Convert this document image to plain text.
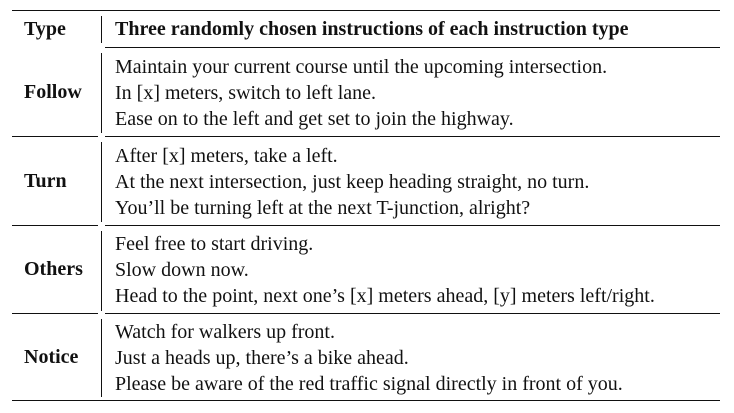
Type Three randomly chosen instructions of each instruction type
Follow
Maintain your current course until the upcoming intersection.
In [x] meters, switch to left lane.
Ease on to the left and get set to join the highway.
Turn
After [x] meters, take a left.
At the next intersection, just keep heading straight, no turn.
You’ll be turning left at the next T-junction, alright?
Others
Feel free to start driving.
Slow down now.
Head to the point, next one’s [x] meters ahead, [y] meters left/right.
Notice
Watch for walkers up front.
Just a heads up, there’s a bike ahead.
Please be aware of the red traffic signal directly in front of you.
